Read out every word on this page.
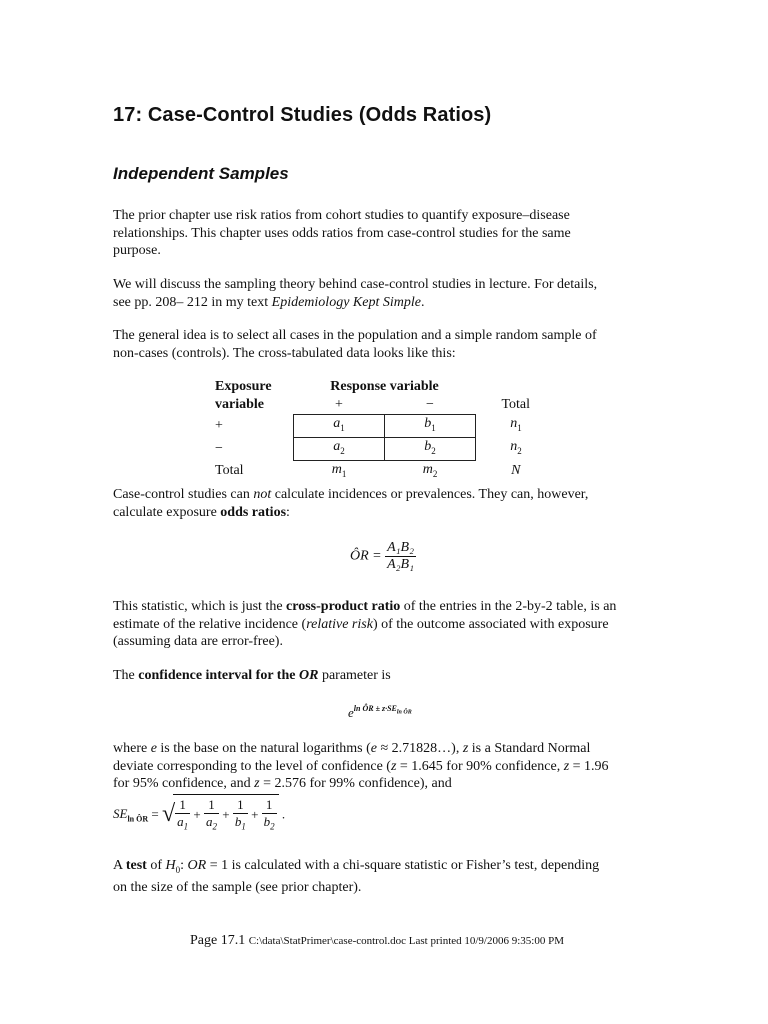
17: Case-Control Studies (Odds Ratios)
Independent Samples

The prior chapter use risk ratios from cohort studies to quantify exposure–disease
relationships. This chapter uses odds ratios from case-control studies for the same
purpose.

We will discuss the sampling theory behind case-control studies in lecture. For details,
see pp. 208– 212 in my text Epidemiology Kept Simple.

The general idea is to select all cases in the population and a simple random sample of
non-cases (controls). The cross-tabulated data looks like this:

Exposure	Response variable		
variable	+	−	Total
+	$a_1$	$b_1$	$n_1$
−	$a_2$	$b_2$	$n_2$
Total	$m_1$	$m_2$	N

Case-control studies can not calculate incidences or prevalences. They can, however,
calculate exposure odds ratios:

ÔR = $\frac{\text{A₁B₂}}{\text{A₂B₁}}$

This statistic, which is just the cross-product ratio of the entries in the 2-by-2 table, is an
estimate of the relative incidence (relative risk) of the outcome associated with exposure
(assuming data are error-free).

The confidence interval for the OR parameter is

$e^{ln ÔR \pm z\cdot SE_{ln ÔR}}$

where e is the base on the natural logarithms (e ≈ 2.71828…), z is a Standard Normal
deviate corresponding to the level of confidence (z = 1.645 for 90% confidence, z = 1.96
for 95% confidence, and z = 2.576 for 99% confidence), and

$SE_{ln ÔR}$ = √ $\frac{1}{a_1} + \frac{1}{a_2} + \frac{1}{b_1} + \frac{1}{b_2}$ .

A test of $H_0$: OR = 1 is calculated with a chi-square statistic or Fisher’s test, depending
on the size of the sample (see prior chapter).

Page 17.1 C:\data\StatPrimer\case-control.doc Last printed 10/9/2006 9:35:00 PM
